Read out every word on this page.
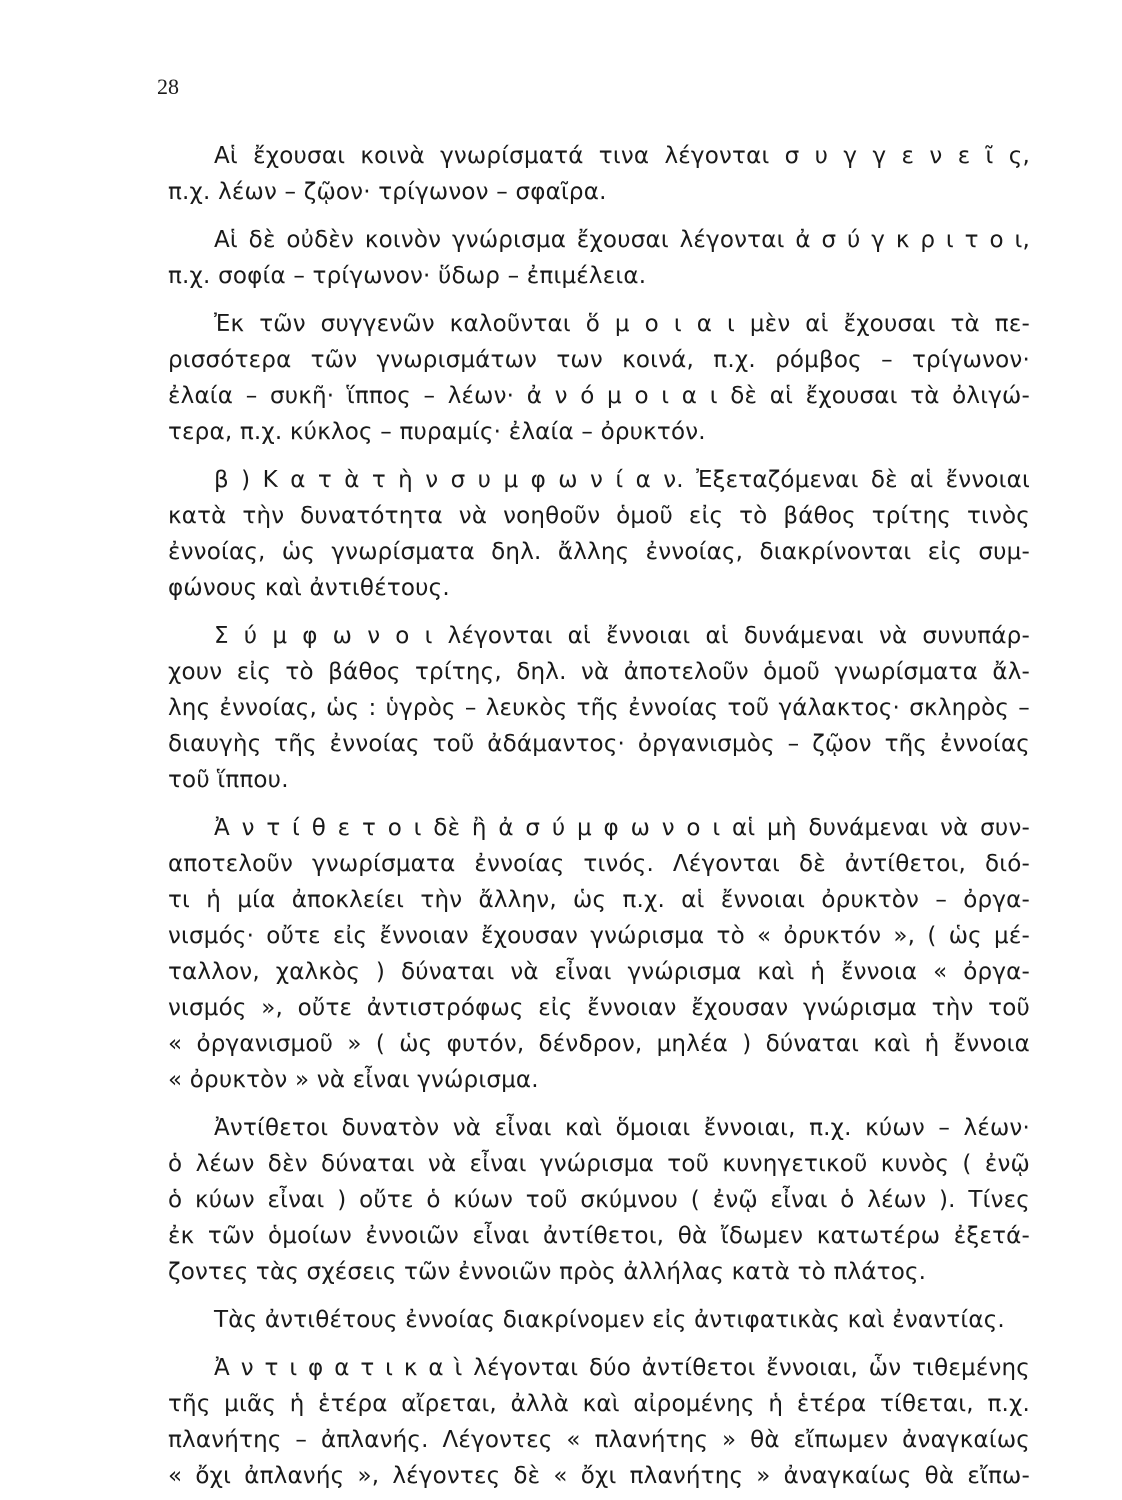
28
Αἱ ἔχουσαι κοινὰ γνωρίσματά τινα λέγονται σ υ γ γ ε ν ε ῖ ς,
π.χ. λέων – ζῷον· τρίγωνον – σφαῖρα.
Αἱ δὲ οὐδὲν κοινὸν γνώρισμα ἔχουσαι λέγονται ἀ σ ύ γ κ ρ ι τ ο ι,
π.χ. σοφία – τρίγωνον· ὕδωρ – ἐπιμέλεια.
Ἐκ τῶν συγγενῶν καλοῦνται ὅ μ ο ι α ι μὲν αἱ ἔχουσαι τὰ πε-
ρισσότερα τῶν γνωρισμάτων των κοινά, π.χ. ρόμβος – τρίγωνον·
ἐλαία – συκῆ· ἵππος – λέων· ἀ ν ό μ ο ι α ι δὲ αἱ ἔχουσαι τὰ ὀλιγώ-
τερα, π.χ. κύκλος – πυραμίς· ἐλαία – ὀρυκτόν.
β ) Κ α τ ὰ τ ὴ ν σ υ μ φ ω ν ί α ν. Ἐξεταζόμεναι δὲ αἱ ἔννοιαι
κατὰ τὴν δυνατότητα νὰ νοηθοῦν ὁμοῦ εἰς τὸ βάθος τρίτης τινὸς
ἐννοίας, ὡς γνωρίσματα δηλ. ἄλλης ἐννοίας, διακρίνονται εἰς συμ-
φώνους καὶ ἀντιθέτους.
Σ ύ μ φ ω ν ο ι λέγονται αἱ ἔννοιαι αἱ δυνάμεναι νὰ συνυπάρ-
χουν εἰς τὸ βάθος τρίτης, δηλ. νὰ ἀποτελοῦν ὁμοῦ γνωρίσματα ἄλ-
λης ἐννοίας, ὡς : ὑγρὸς – λευκὸς τῆς ἐννοίας τοῦ γάλακτος· σκληρὸς –
διαυγὴς τῆς ἐννοίας τοῦ ἀδάμαντος· ὀργανισμὸς – ζῷον τῆς ἐννοίας
τοῦ ἵππου.
Ἀ ν τ ί θ ε τ ο ι δὲ ἢ ἀ σ ύ μ φ ω ν ο ι αἱ μὴ δυνάμεναι νὰ συν-
αποτελοῦν γνωρίσματα ἐννοίας τινός. Λέγονται δὲ ἀντίθετοι, διό-
τι ἡ μία ἀποκλείει τὴν ἄλλην, ὡς π.χ. αἱ ἔννοιαι ὀρυκτὸν – ὀργα-
νισμός· οὔτε εἰς ἔννοιαν ἔχουσαν γνώρισμα τὸ « ὀρυκτόν », ( ὡς μέ-
ταλλον, χαλκὸς ) δύναται νὰ εἶναι γνώρισμα καὶ ἡ ἔννοια « ὀργα-
νισμός », οὔτε ἀντιστρόφως εἰς ἔννοιαν ἔχουσαν γνώρισμα τὴν τοῦ
« ὀργανισμοῦ » ( ὡς φυτόν, δένδρον, μηλέα ) δύναται καὶ ἡ ἔννοια
« ὀρυκτὸν » νὰ εἶναι γνώρισμα.
Ἀντίθετοι δυνατὸν νὰ εἶναι καὶ ὅμοιαι ἔννοιαι, π.χ. κύων – λέων·
ὁ λέων δὲν δύναται νὰ εἶναι γνώρισμα τοῦ κυνηγετικοῦ κυνὸς ( ἐνῷ
ὁ κύων εἶναι ) οὔτε ὁ κύων τοῦ σκύμνου ( ἐνῷ εἶναι ὁ λέων ). Τίνες
ἐκ τῶν ὁμοίων ἐννοιῶν εἶναι ἀντίθετοι, θὰ ἴδωμεν κατωτέρω ἐξετά-
ζοντες τὰς σχέσεις τῶν ἐννοιῶν πρὸς ἀλλήλας κατὰ τὸ πλάτος.
Τὰς ἀντιθέτους ἐννοίας διακρίνομεν εἰς ἀντιφατικὰς καὶ ἐναντίας.
Ἀ ν τ ι φ α τ ι κ α ὶ λέγονται δύο ἀντίθετοι ἔννοιαι, ὧν τιθεμένης
τῆς μιᾶς ἡ ἑτέρα αἴρεται, ἀλλὰ καὶ αἰρομένης ἡ ἑτέρα τίθεται, π.χ.
πλανήτης – ἀπλανής. Λέγοντες « πλανήτης » θὰ εἴπωμεν ἀναγκαίως
« ὄχι ἀπλανής », λέγοντες δὲ « ὄχι πλανήτης » ἀναγκαίως θὰ εἴπω-
